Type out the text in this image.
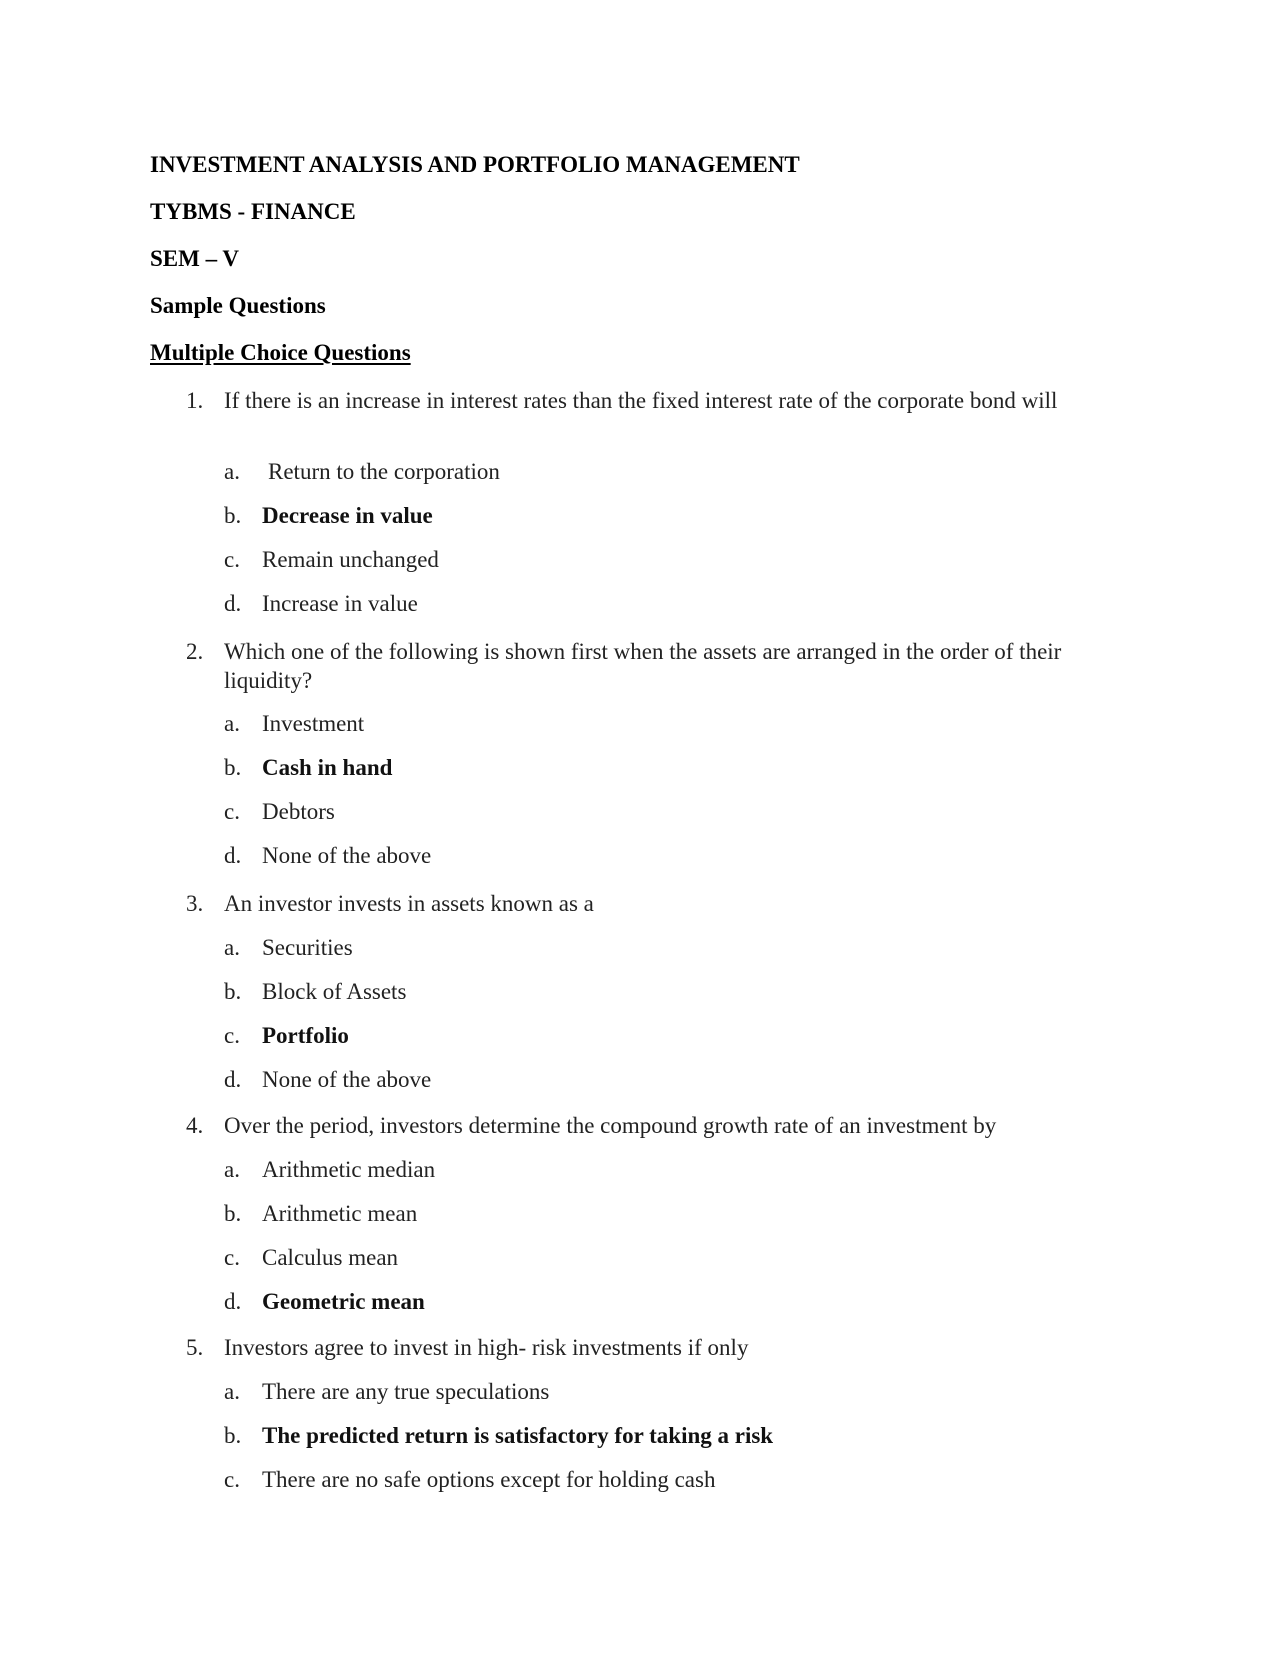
INVESTMENT ANALYSIS AND PORTFOLIO MANAGEMENT
TYBMS - FINANCE
SEM – V
Sample Questions
Multiple Choice Questions
1. If there is an increase in interest rates than the fixed interest rate of the corporate bond will
a. Return to the corporation
b. Decrease in value
c. Remain unchanged
d. Increase in value
2. Which one of the following is shown first when the assets are arranged in the order of their liquidity?
a. Investment
b. Cash in hand
c. Debtors
d. None of the above
3. An investor invests in assets known as a
a. Securities
b. Block of Assets
c. Portfolio
d. None of the above
4. Over the period, investors determine the compound growth rate of an investment by
a. Arithmetic median
b. Arithmetic mean
c. Calculus mean
d. Geometric mean
5. Investors agree to invest in high- risk investments if only
a. There are any true speculations
b. The predicted return is satisfactory for taking a risk
c. There are no safe options except for holding cash
